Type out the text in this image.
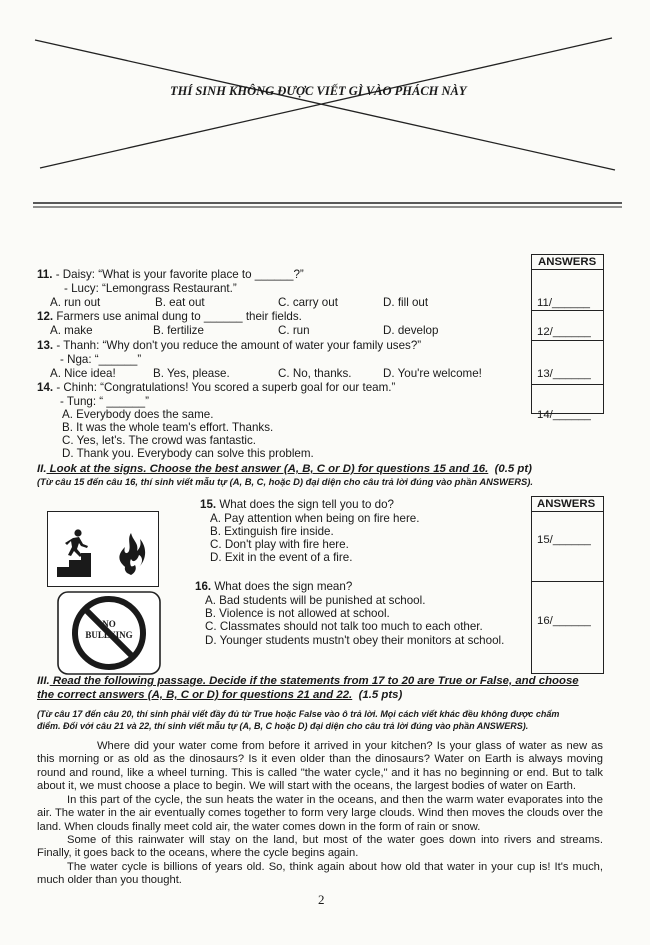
THÍ SINH KHÔNG ĐƯỢC VIẾT GÌ VÀO PHÁCH NÀY
ANSWERS
11/______
12/______
13/______
14/______
11. - Daisy: “What is your favorite place to ______?”
- Lucy: “Lemongrass Restaurant.”
A. run out	B. eat out	C. carry out	D. fill out
12. Farmers use animal dung to ______ their fields.
A. make	B. fertilize	C. run	D. develop
13. - Thanh: “Why don't you reduce the amount of water your family uses?”
- Nga: “______”
A. Nice idea!	B. Yes, please.	C. No, thanks.	D. You're welcome!
14. - Chinh: “Congratulations! You scored a superb goal for our team.”
- Tung: “ ______”
A. Everybody does the same.
B. It was the whole team's effort. Thanks.
C. Yes, let's. The crowd was fantastic.
D. Thank you. Everybody can solve this problem.
II. Look at the signs. Choose the best answer (A, B, C or D) for questions 15 and 16. (0.5 pt)
(Từ câu 15 đến câu 16, thí sinh viết mẫu tự (A, B, C, hoặc D) đại diện cho câu trả lời đúng vào phần ANSWERS).
ANSWERS
15/______
16/______
NO BULLYING
15. What does the sign tell you to do?
A. Pay attention when being on fire here.
B. Extinguish fire inside.
C. Don't play with fire here.
D. Exit in the event of a fire.
16. What does the sign mean?
A. Bad students will be punished at school.
B. Violence is not allowed at school.
C. Classmates should not talk too much to each other.
D. Younger students mustn't obey their monitors at school.
III. Read the following passage. Decide if the statements from 17 to 20 are True or False, and choose
the correct answers (A, B, C or D) for questions 21 and 22. (1.5 pts)
(Từ câu 17 đến câu 20, thí sinh phải viết đầy đủ từ True hoặc False vào ô trả lời. Mọi cách viết khác đều không được chấm
điểm. Đối với câu 21 và 22, thí sinh viết mẫu tự (A, B, C hoặc D) đại diện cho câu trả lời đúng vào phần ANSWERS).
Where did your water come from before it arrived in your kitchen? Is your glass of water as new as this morning or as old as the dinosaurs? Is it even older than the dinosaurs? Water on Earth is always moving round and round, like a wheel turning. This is called "the water cycle," and it has no beginning or end. But to talk about it, we must choose a place to begin. We will start with the oceans, the largest bodies of water on Earth.
In this part of the cycle, the sun heats the water in the oceans, and then the warm water evaporates into the air. The water in the air eventually comes together to form very large clouds. Wind then moves the clouds over the land. When clouds finally meet cold air, the water comes down in the form of rain or snow.
Some of this rainwater will stay on the land, but most of the water goes down into rivers and streams. Finally, it goes back to the oceans, where the cycle begins again.
The water cycle is billions of years old. So, think again about how old that water in your cup is! It's much, much older than you thought.
2
